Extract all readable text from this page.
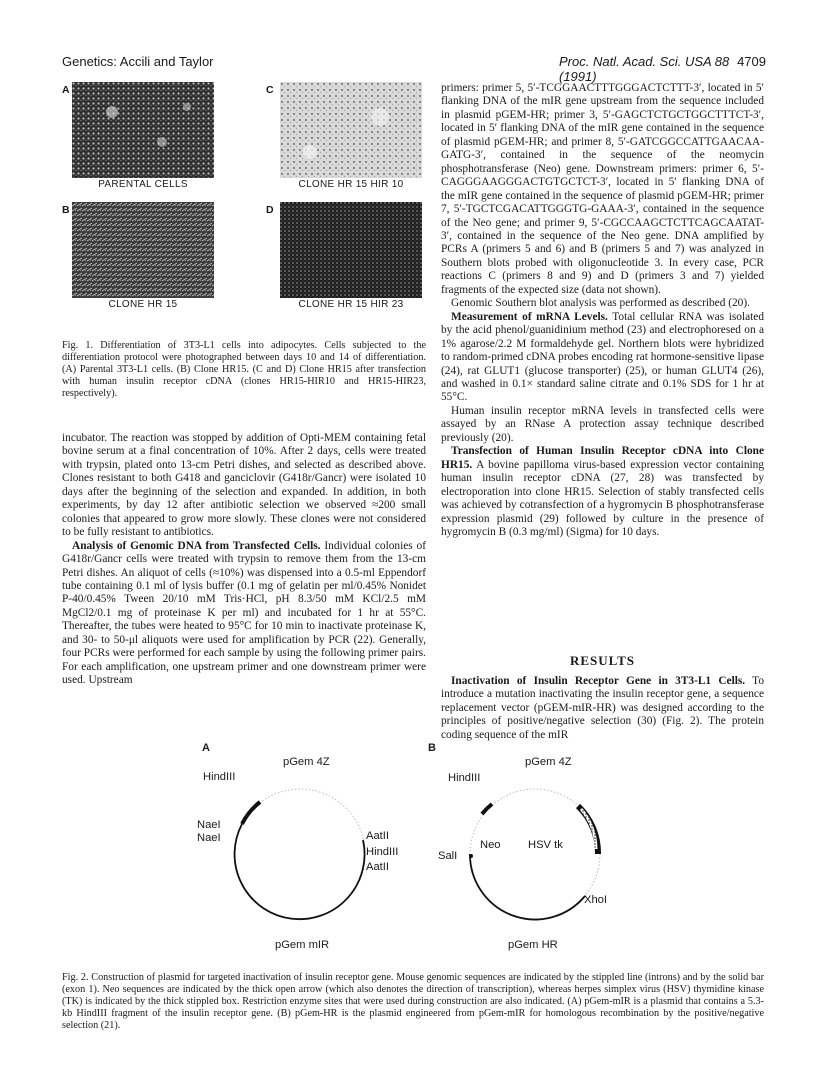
Genetics: Accili and Taylor	Proc. Natl. Acad. Sci. USA 88 (1991)
4709
A
PARENTAL CELLS
C
CLONE HR 15 HIR 10
B
CLONE HR 15
D
CLONE HR 15 HIR 23
Fig. 1. Differentiation of 3T3-L1 cells into adipocytes. Cells subjected to the differentiation protocol were photographed between days 10 and 14 of differentiation. (A) Parental 3T3-L1 cells. (B) Clone HR15. (C and D) Clone HR15 after transfection with human insulin receptor cDNA (clones HR15-HIR10 and HR15-HIR23, respectively).

incubator. The reaction was stopped by addition of Opti-MEM containing fetal bovine serum at a final concentration of 10%. After 2 days, cells were treated with trypsin, plated onto 13-cm Petri dishes, and selected as described above. Clones resistant to both G418 and ganciclovir (G418r/Gancr) were isolated 10 days after the beginning of the selection and expanded. In addition, in both experiments, by day 12 after antibiotic selection we observed ≈200 small colonies that appeared to grow more slowly. These clones were not considered to be fully resistant to antibiotics.

Analysis of Genomic DNA from Transfected Cells. Individual colonies of G418r/Gancr cells were treated with trypsin to remove them from the 13-cm Petri dishes. An aliquot of cells (≈10%) was dispensed into a 0.5-ml Eppendorf tube containing 0.1 ml of lysis buffer (0.1 mg of gelatin per ml/0.45% Nonidet P-40/0.45% Tween 20/10 mM Tris·HCl, pH 8.3/50 mM KCl/2.5 mM MgCl2/0.1 mg of proteinase K per ml) and incubated for 1 hr at 55°C. Thereafter, the tubes were heated to 95°C for 10 min to inactivate proteinase K, and 30- to 50-μl aliquots were used for amplification by PCR (22). Generally, four PCRs were performed for each sample by using the following primer pairs. For each amplification, one upstream primer and one downstream primer were used. Upstream

primers: primer 5, 5′-TCGGAACTTTGGGACTCTTT-3′, located in 5′ flanking DNA of the mIR gene upstream from the sequence included in plasmid pGEM-HR; primer 3, 5′-GAGCTCTGCTGGCTTTCT-3′, located in 5′ flanking DNA of the mIR gene contained in the sequence of plasmid pGEM-HR; and primer 8, 5′-GATCGGCCATTGAACAA-GATG-3′, contained in the sequence of the neomycin phosphotransferase (Neo) gene. Downstream primers: primer 6, 5′-CAGGGAAGGGACTGTGCTCT-3′, located in 5′ flanking DNA of the mIR gene contained in the sequence of plasmid pGEM-HR; primer 7, 5′-TGCTCGACATTGGGTG-GAAA-3′, contained in the sequence of the Neo gene; and primer 9, 5′-CGCCAAGCTCTTCAGCAATAT-3′, contained in the sequence of the Neo gene. DNA amplified by PCRs A (primers 5 and 6) and B (primers 5 and 7) was analyzed in Southern blots probed with oligonucleotide 3. In every case, PCR reactions C (primers 8 and 9) and D (primers 3 and 7) yielded fragments of the expected size (data not shown).

Genomic Southern blot analysis was performed as described (20).

Measurement of mRNA Levels. Total cellular RNA was isolated by the acid phenol/guanidinium method (23) and electrophoresed on a 1% agarose/2.2 M formaldehyde gel. Northern blots were hybridized to random-primed cDNA probes encoding rat hormone-sensitive lipase (24), rat GLUT1 (glucose transporter) (25), or human GLUT4 (26), and washed in 0.1× standard saline citrate and 0.1% SDS for 1 hr at 55°C.

Human insulin receptor mRNA levels in transfected cells were assayed by an RNase A protection assay technique described previously (20).

Transfection of Human Insulin Receptor cDNA into Clone HR15. A bovine papilloma virus-based expression vector containing human insulin receptor cDNA (27, 28) was transfected by electroporation into clone HR15. Selection of stably transfected cells was achieved by cotransfection of a hygromycin B phosphotransferase expression plasmid (29) followed by culture in the presence of hygromycin B (0.3 mg/ml) (Sigma) for 10 days.

RESULTS

Inactivation of Insulin Receptor Gene in 3T3-L1 Cells. To introduce a mutation inactivating the insulin receptor gene, a sequence replacement vector (pGEM-mIR-HR) was designed according to the principles of positive/negative selection (30) (Fig. 2). The protein coding sequence of the mIR

A
pGem 4Z
HindIII
NaeI
NaeI	AatII
HindIII
AatII
pGem mIR
B
pGem 4Z
HindIII
SalI
Neo HSV tk
XhoI
pGem HR
Fig. 2. Construction of plasmid for targeted inactivation of insulin receptor gene. Mouse genomic sequences are indicated by the stippled line (introns) and by the solid bar (exon 1). Neo sequences are indicated by the thick open arrow (which also denotes the direction of transcription), whereas herpes simplex virus (HSV) thymidine kinase (TK) is indicated by the thick stippled box. Restriction enzyme sites that were used during construction are also indicated. (A) pGem-mIR is a plasmid that contains a 5.3-kb HindIII fragment of the insulin receptor gene. (B) pGem-HR is the plasmid engineered from pGem-mIR for homologous recombination by the positive/negative selection (21).
